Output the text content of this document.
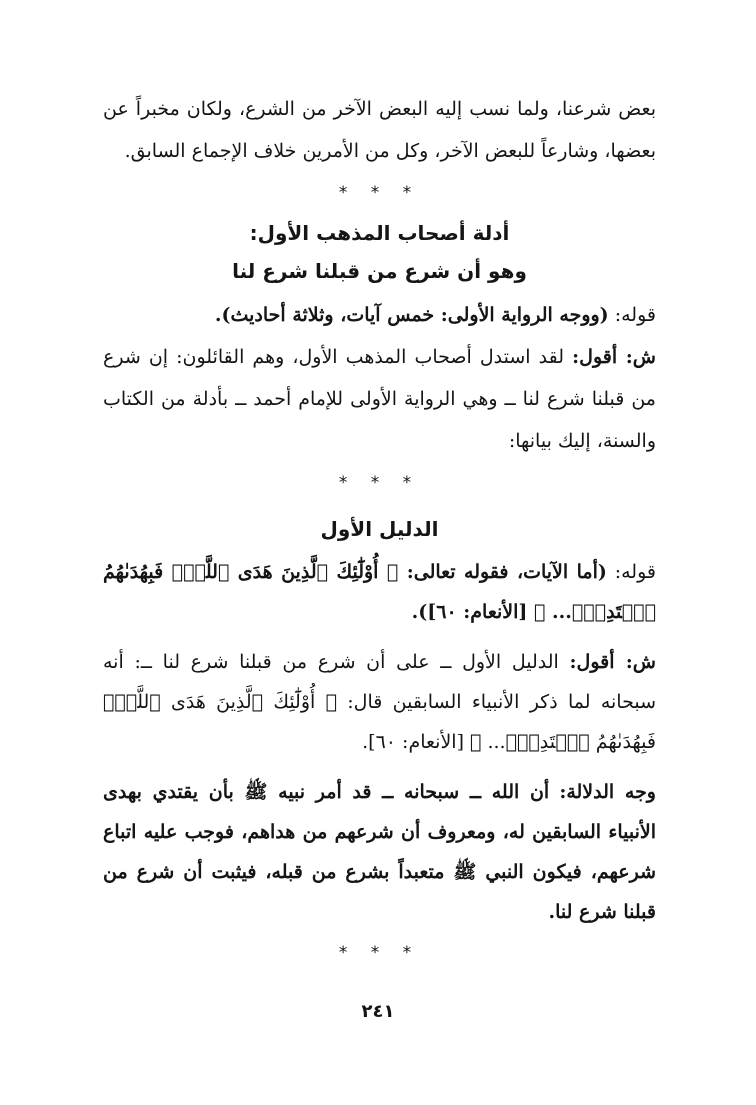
بعض شرعنا، ولما نسب إليه البعض الآخر من الشرع، ولكان مخبراً عن بعضها، وشارعاً للبعض الآخر، وكل من الأمرين خلاف الإجماع السابق.

* * *
أدلة أصحاب المذهب الأول:
وهو أن شرع من قبلنا شرع لنا

قوله: (ووجه الرواية الأولى: خمس آيات، وثلاثة أحاديث).

ش: أقول: لقد استدل أصحاب المذهب الأول، وهم القائلون: إن شرع من قبلنا شرع لنا ــ وهي الرواية الأولى للإمام أحمد ــ بأدلة من الكتاب والسنة، إليك بيانها:

* * *
الدليل الأول

قوله: (أما الآيات، فقوله تعالى: ﴿ أُوْلَٰٓئِكَ ٱلَّذِينَ هَدَى ٱللَّهُۖ فَبِهُدَىٰهُمُ ٱقۡتَدِهۡۗ... ﴾ [الأنعام: ٦٠]).

ش: أقول: الدليل الأول ــ على أن شرع من قبلنا شرع لنا ــ: أنه سبحانه لما ذكر الأنبياء السابقين قال: ﴿ أُوْلَٰٓئِكَ ٱلَّذِينَ هَدَى ٱللَّهُۖ فَبِهُدَىٰهُمُ ٱقۡتَدِهۡۗ... ﴾ [الأنعام: ٦٠].

وجه الدلالة: أن الله ــ سبحانه ــ قد أمر نبيه ﷺ بأن يقتدي بهدى الأنبياء السابقين له، ومعروف أن شرعهم من هداهم، فوجب عليه اتباع شرعهم، فيكون النبي ﷺ متعبداً بشرع من قبله، فيثبت أن شرع من قبلنا شرع لنا.

* * *
٢٤١
